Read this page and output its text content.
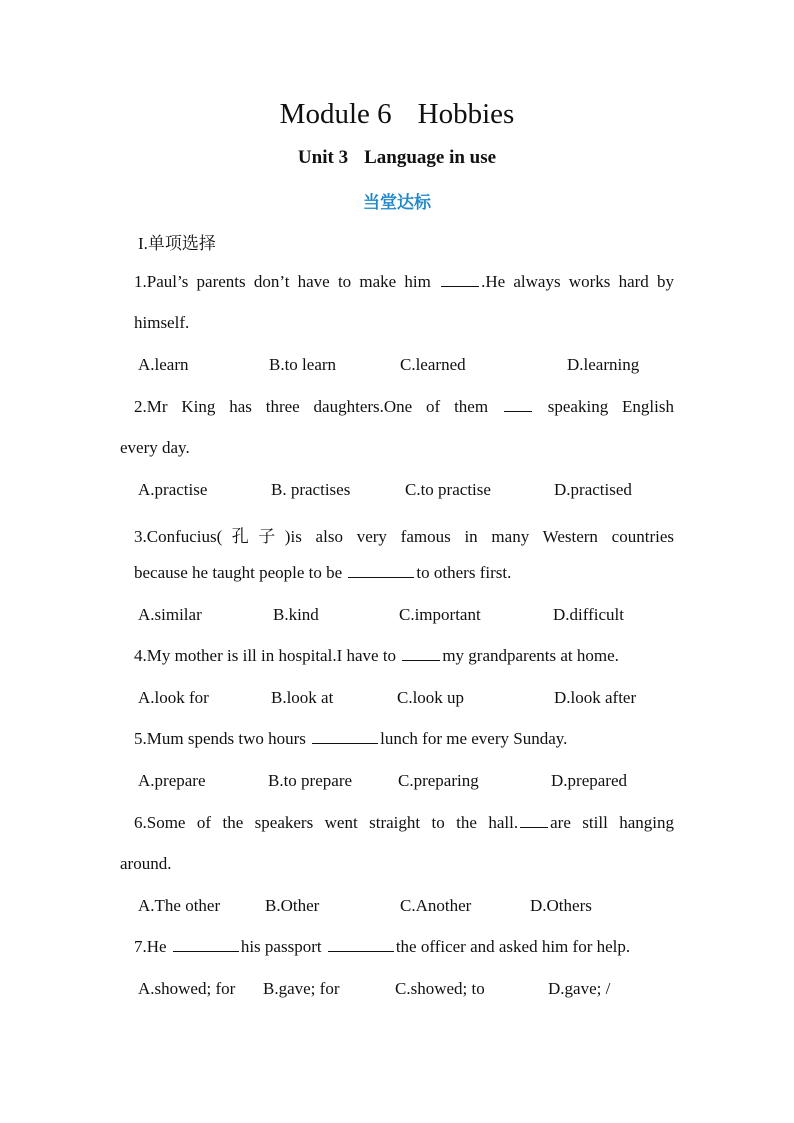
Module 6 Hobbies
Unit 3 Language in use
当堂达标
I.单项选择
1.Paul’s parents don’t have to make him .He always works hard by
himself.
A.learn	B.to learn	C.learned	D.learning
2.Mr King has three daughters.One of them  speaking English
every day.
A.practise	B. practises	C.to practise	D.practised
3.Confucius(孔子)is also very famous in many Western countries
because he taught people to be	to others first.
A.similar	B.kind	C.important	D.difficult
4.My mother is ill in hospital.I have to my grandparents at home.
A.look for	B.look at	C.look up	D.look after
5.Mum spends two hours	lunch for me every Sunday.
A.prepare	B.to prepare	C.preparing	D.prepared
6.Some of the speakers went straight to the hall. are still hanging
around.
A.The other	B.Other	C.Another	D.Others
7.He	his passport	the officer and asked him for help.
A.showed; for B.gave; for	C.showed; to	D.gave; /
